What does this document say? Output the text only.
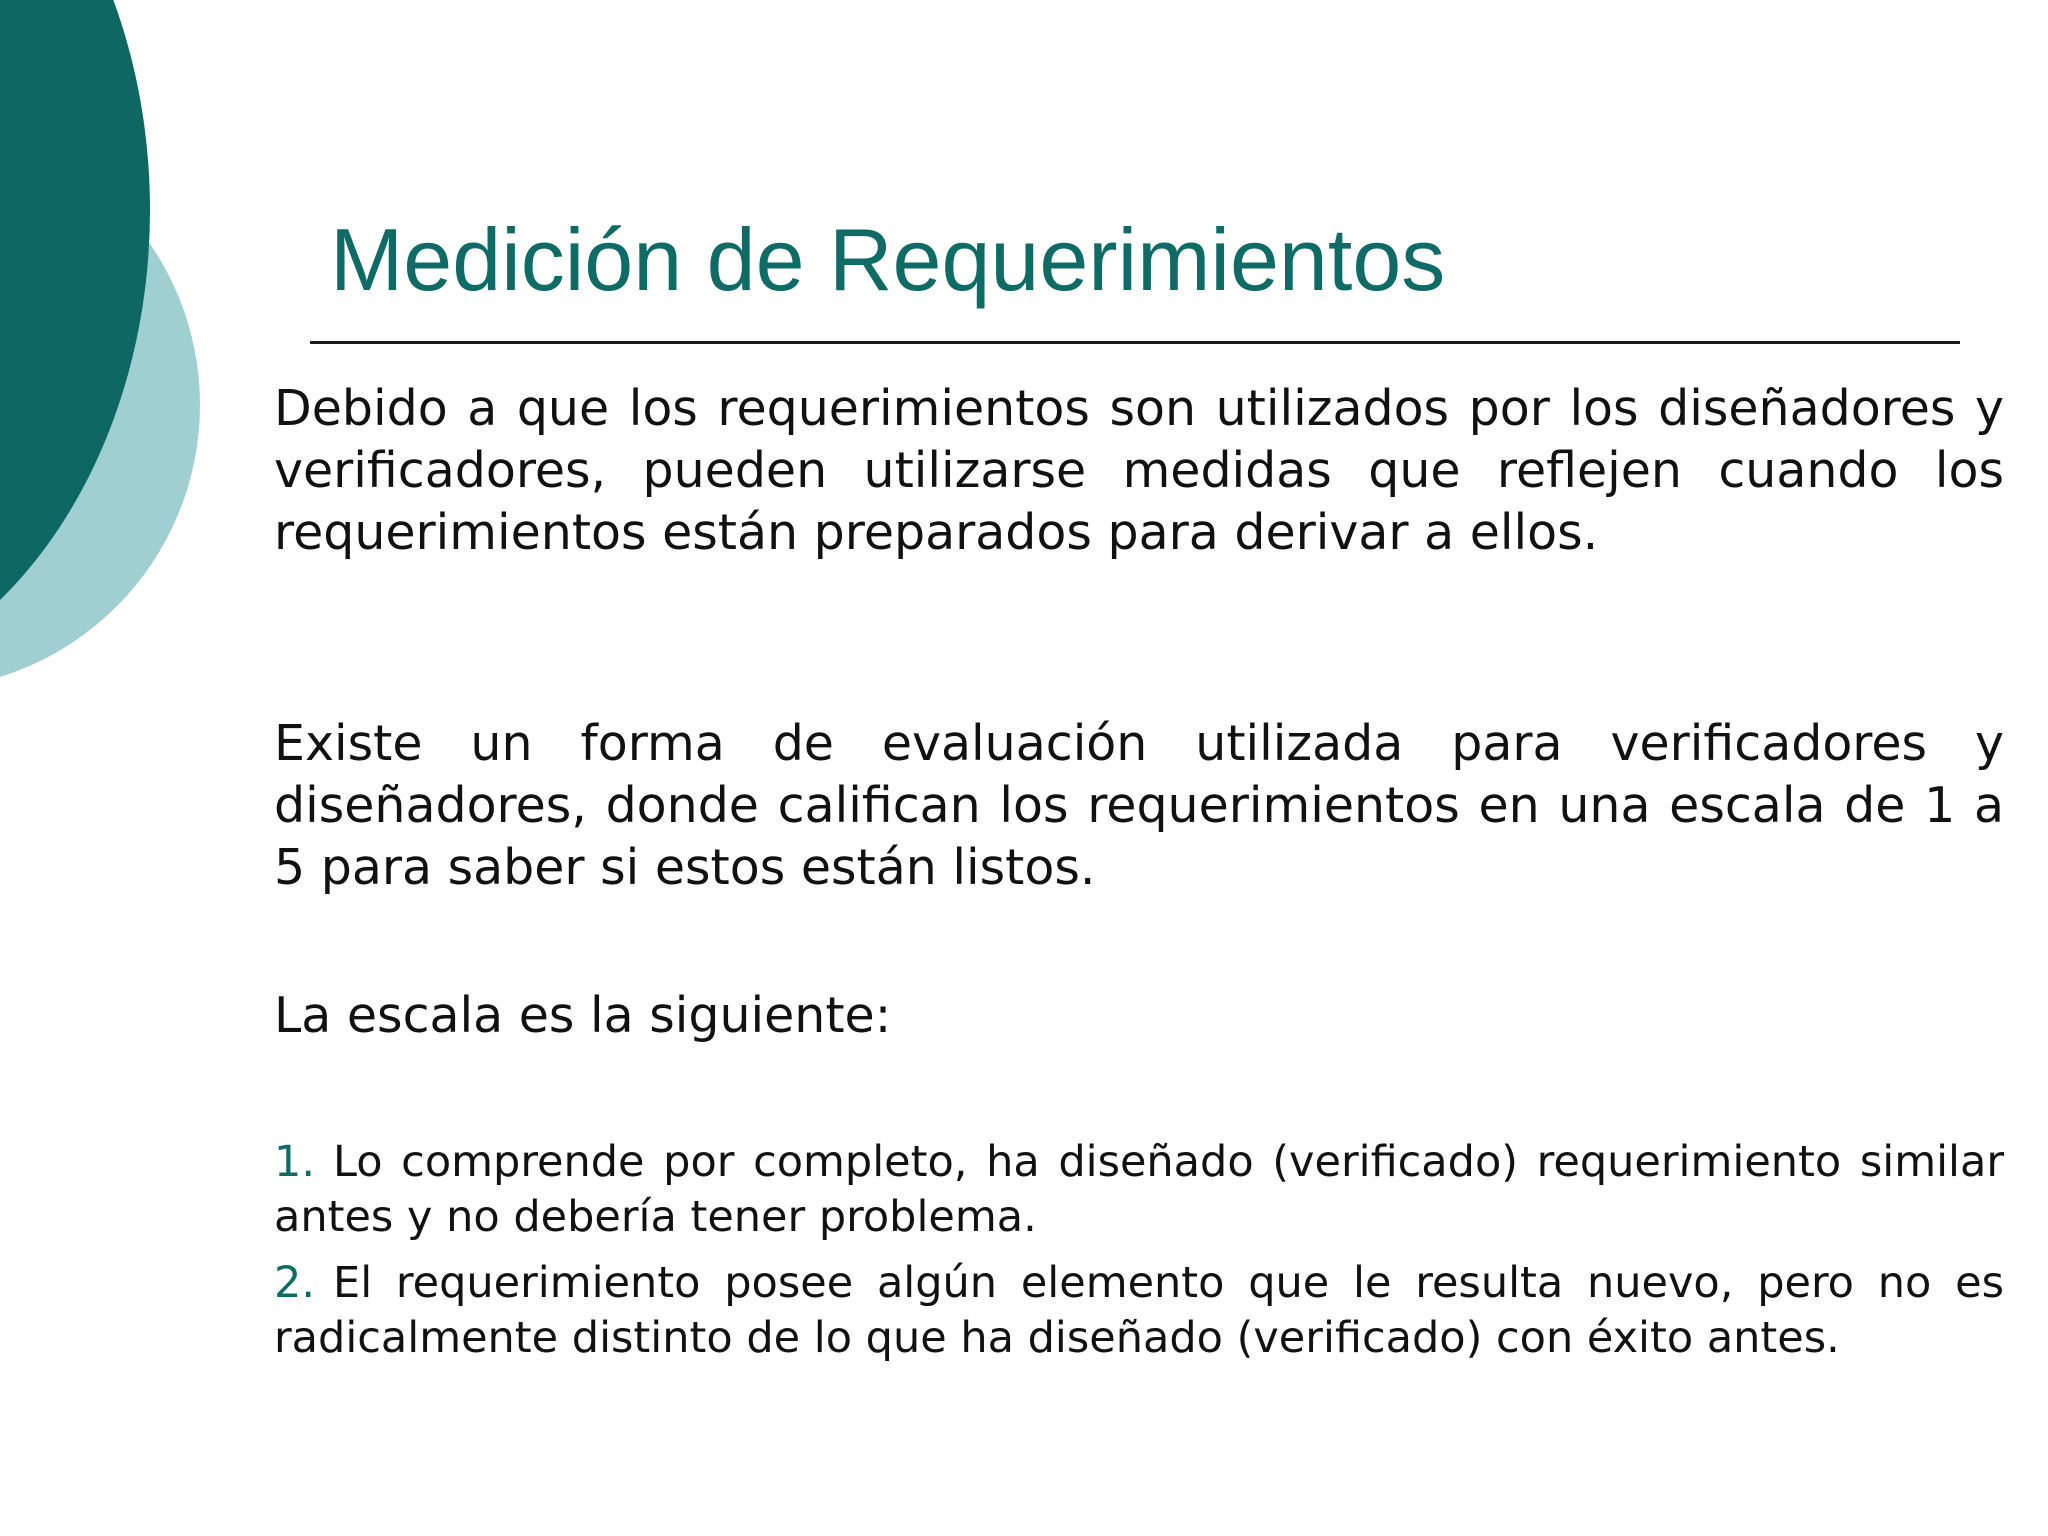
Medición de Requerimientos

Debido a que los requerimientos son utilizados por los diseñadores y verificadores, pueden utilizarse medidas que reflejen cuando los requerimientos están preparados para derivar a ellos.

Existe un forma de evaluación utilizada para verificadores y diseñadores, donde califican los requerimientos en una escala de 1 a 5 para saber si estos están listos.

La escala es la siguiente:

1. Lo comprende por completo, ha diseñado (verificado) requerimiento similar antes y no debería tener problema.

2. El requerimiento posee algún elemento que le resulta nuevo, pero no es radicalmente distinto de lo que ha diseñado (verificado) con éxito antes.
